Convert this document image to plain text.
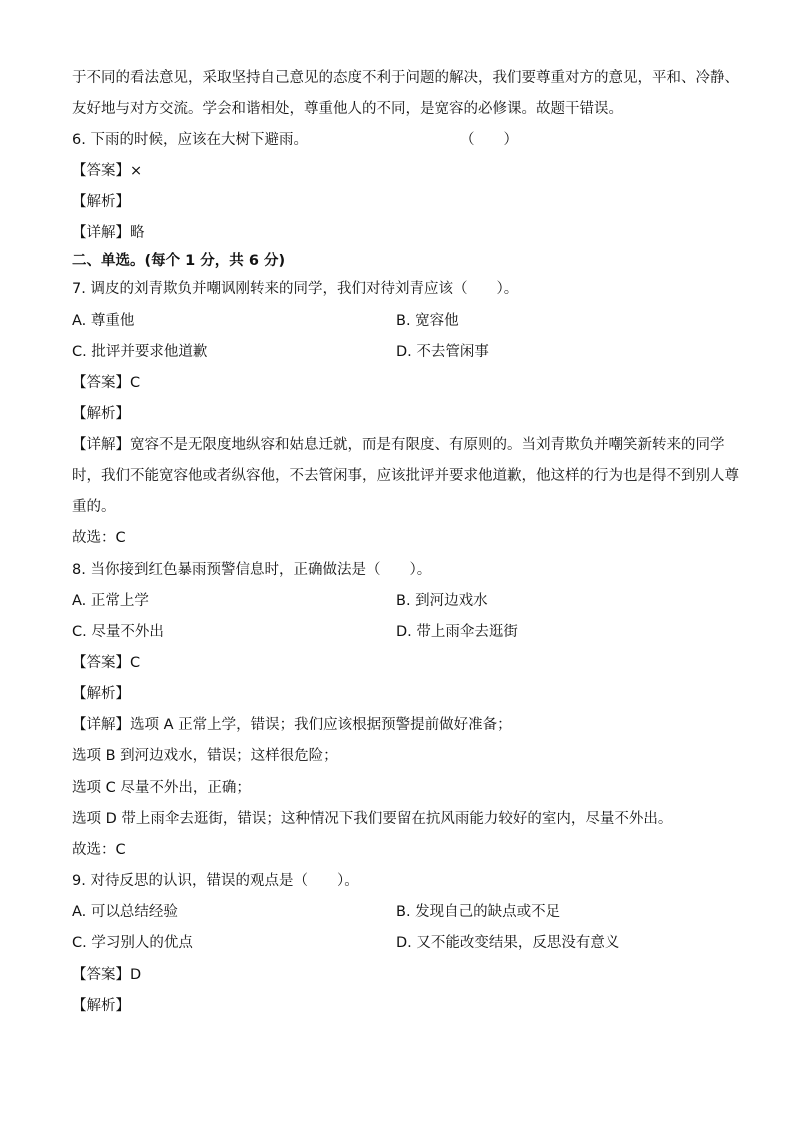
于不同的看法意见，采取坚持自己意见的态度不利于问题的解决，我们要尊重对方的意见，平和、冷静、
友好地与对方交流。学会和谐相处，尊重他人的不同，是宽容的必修课。故题干错误。
6. 下雨的时候，应该在大树下避雨。	（　　）
【答案】×
【解析】
【详解】略
二、单选。(每个 1 分，共 6 分)
7. 调皮的刘青欺负并嘲讽刚转来的同学，我们对待刘青应该（　　）。
A. 尊重他	B. 宽容他
C. 批评并要求他道歉	D. 不去管闲事
【答案】C
【解析】
【详解】宽容不是无限度地纵容和姑息迁就，而是有限度、有原则的。当刘青欺负并嘲笑新转来的同学
时，我们不能宽容他或者纵容他，不去管闲事，应该批评并要求他道歉，他这样的行为也是得不到别人尊
重的。
故选：C
8. 当你接到红色暴雨预警信息时，正确做法是（　　）。
A. 正常上学	B. 到河边戏水
C. 尽量不外出	D. 带上雨伞去逛街
【答案】C
【解析】
【详解】选项 A 正常上学，错误；我们应该根据预警提前做好准备；
选项 B 到河边戏水，错误；这样很危险；
选项 C 尽量不外出，正确；
选项 D 带上雨伞去逛街，错误；这种情况下我们要留在抗风雨能力较好的室内，尽量不外出。
故选：C
9. 对待反思的认识，错误的观点是（　　）。
A. 可以总结经验	B. 发现自己的缺点或不足
C. 学习别人的优点	D. 又不能改变结果，反思没有意义
【答案】D
【解析】
